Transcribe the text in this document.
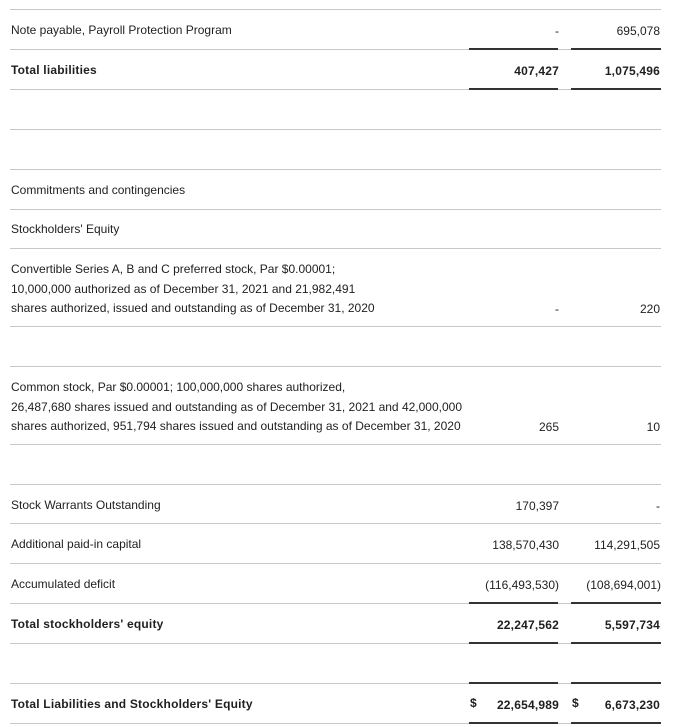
Note payable, Payroll Protection Program	-	695,078
Total liabilities	407,427	1,075,496
Commitments and contingencies
Stockholders' Equity
Convertible Series A, B and C preferred stock, Par $0.00001;
10,000,000 authorized as of December 31, 2021 and 21,982,491
shares authorized, issued and outstanding as of December 31, 2020	-	220
Common stock, Par $0.00001; 100,000,000 shares authorized,
26,487,680 shares issued and outstanding as of December 31, 2021 and 42,000,000
shares authorized, 951,794 shares issued and outstanding as of December 31, 2020	265	10
Stock Warrants Outstanding	170,397	-
Additional paid-in capital	138,570,430	114,291,505
Accumulated deficit	(116,493,530) (108,694,001)
Total stockholders' equity	22,247,562	5,597,734
Total Liabilities and Stockholders' Equity	$ 22,654,989 $ 6,673,230
